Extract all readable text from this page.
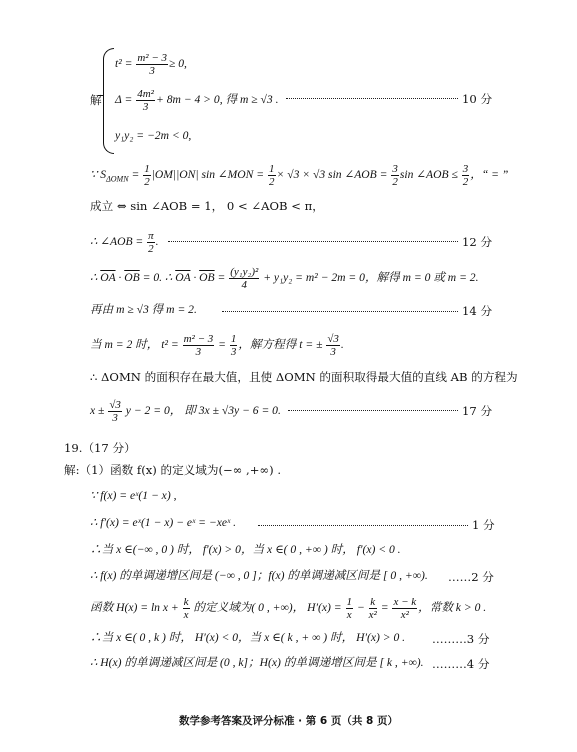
解
$t^2 = \frac{\text{m² − 3}}{3} \ge 0$,
$\Delta = \frac{\text{4m²}}{3} + 8m - 4 > 0$, 得 m ≥ √3 .	10 分
y₁y₂ = −2m < 0,
∵ $S_{\Delta OMN} = \frac{1}{2} |OM||ON|$ sin ∠MON = $\frac{1}{2} \times √3 \times √3$ sin ∠AOB = $\frac{3}{2}$ sin ∠AOB ≤ $\frac{3}{2}$ ，“ = ”
成立 ⇔ sin ∠AOB = 1， 0 < ∠AOB < π，
∴ ∠AOB = $\frac{\pi}{2}$ .	12 分
∴ $\overline{OA} \cdot \overline{OB} = 0$. ∴ $\overline{OA} \cdot \overline{OB} = \frac{\text{(y₁y₂)²}}{4} + y_1y_2 = m^2 - 2m = 0$，解得 m = 0 或 m = 2.
再由 m ≥ √3 得 m = 2.	14 分
当 m = 2 时， $t^2 = \frac{\text{m² − 3}}{3} = \frac{1}{3}$ ，解方程得 t = ± $\frac{√3}{3}$ .
∴ ΔOMN 的面积存在最大值，且使 ΔOMN 的面积取得最大值的直线 AB 的方程为
$x \pm \frac{√3}{3}$ y − 2 = 0， 即 3x ± √3y − 6 = 0.	17 分
19.（17 分）
解:（1）函数 f(x) 的定义域为(−∞ ,+∞) .
∵ f(x) = eˣ(1 − x) ,
∴ f′(x) = eˣ(1 − x) − eˣ = −xeˣ .	1 分
∴当 x ∈(−∞ , 0 ) 时， f′(x) > 0，当 x ∈( 0 , +∞ ) 时， f′(x) < 0 .
∴ f(x) 的单调递增区间是 (−∞ , 0 ]；f(x) 的单调递减区间是 [ 0 , +∞). ……2 分
函数 $H(x) = \ln x + \frac{k}{x}$ 的定义域为( 0 , +∞)， $H'(x) = \frac{1}{x} - \frac{k}{\text{x²}} = \frac{x - k}{\text{x²}}$ ，常数 k > 0 .
∴当 x ∈( 0 , k ) 时， H′(x) < 0，当 x ∈( k , + ∞ ) 时， H′(x) > 0 . ………3 分
∴ H(x) 的单调递减区间是 (0 , k]；H(x) 的单调递增区间是 [ k , +∞). ………4 分
数学参考答案及评分标准 · 第 6 页（共 8 页）
